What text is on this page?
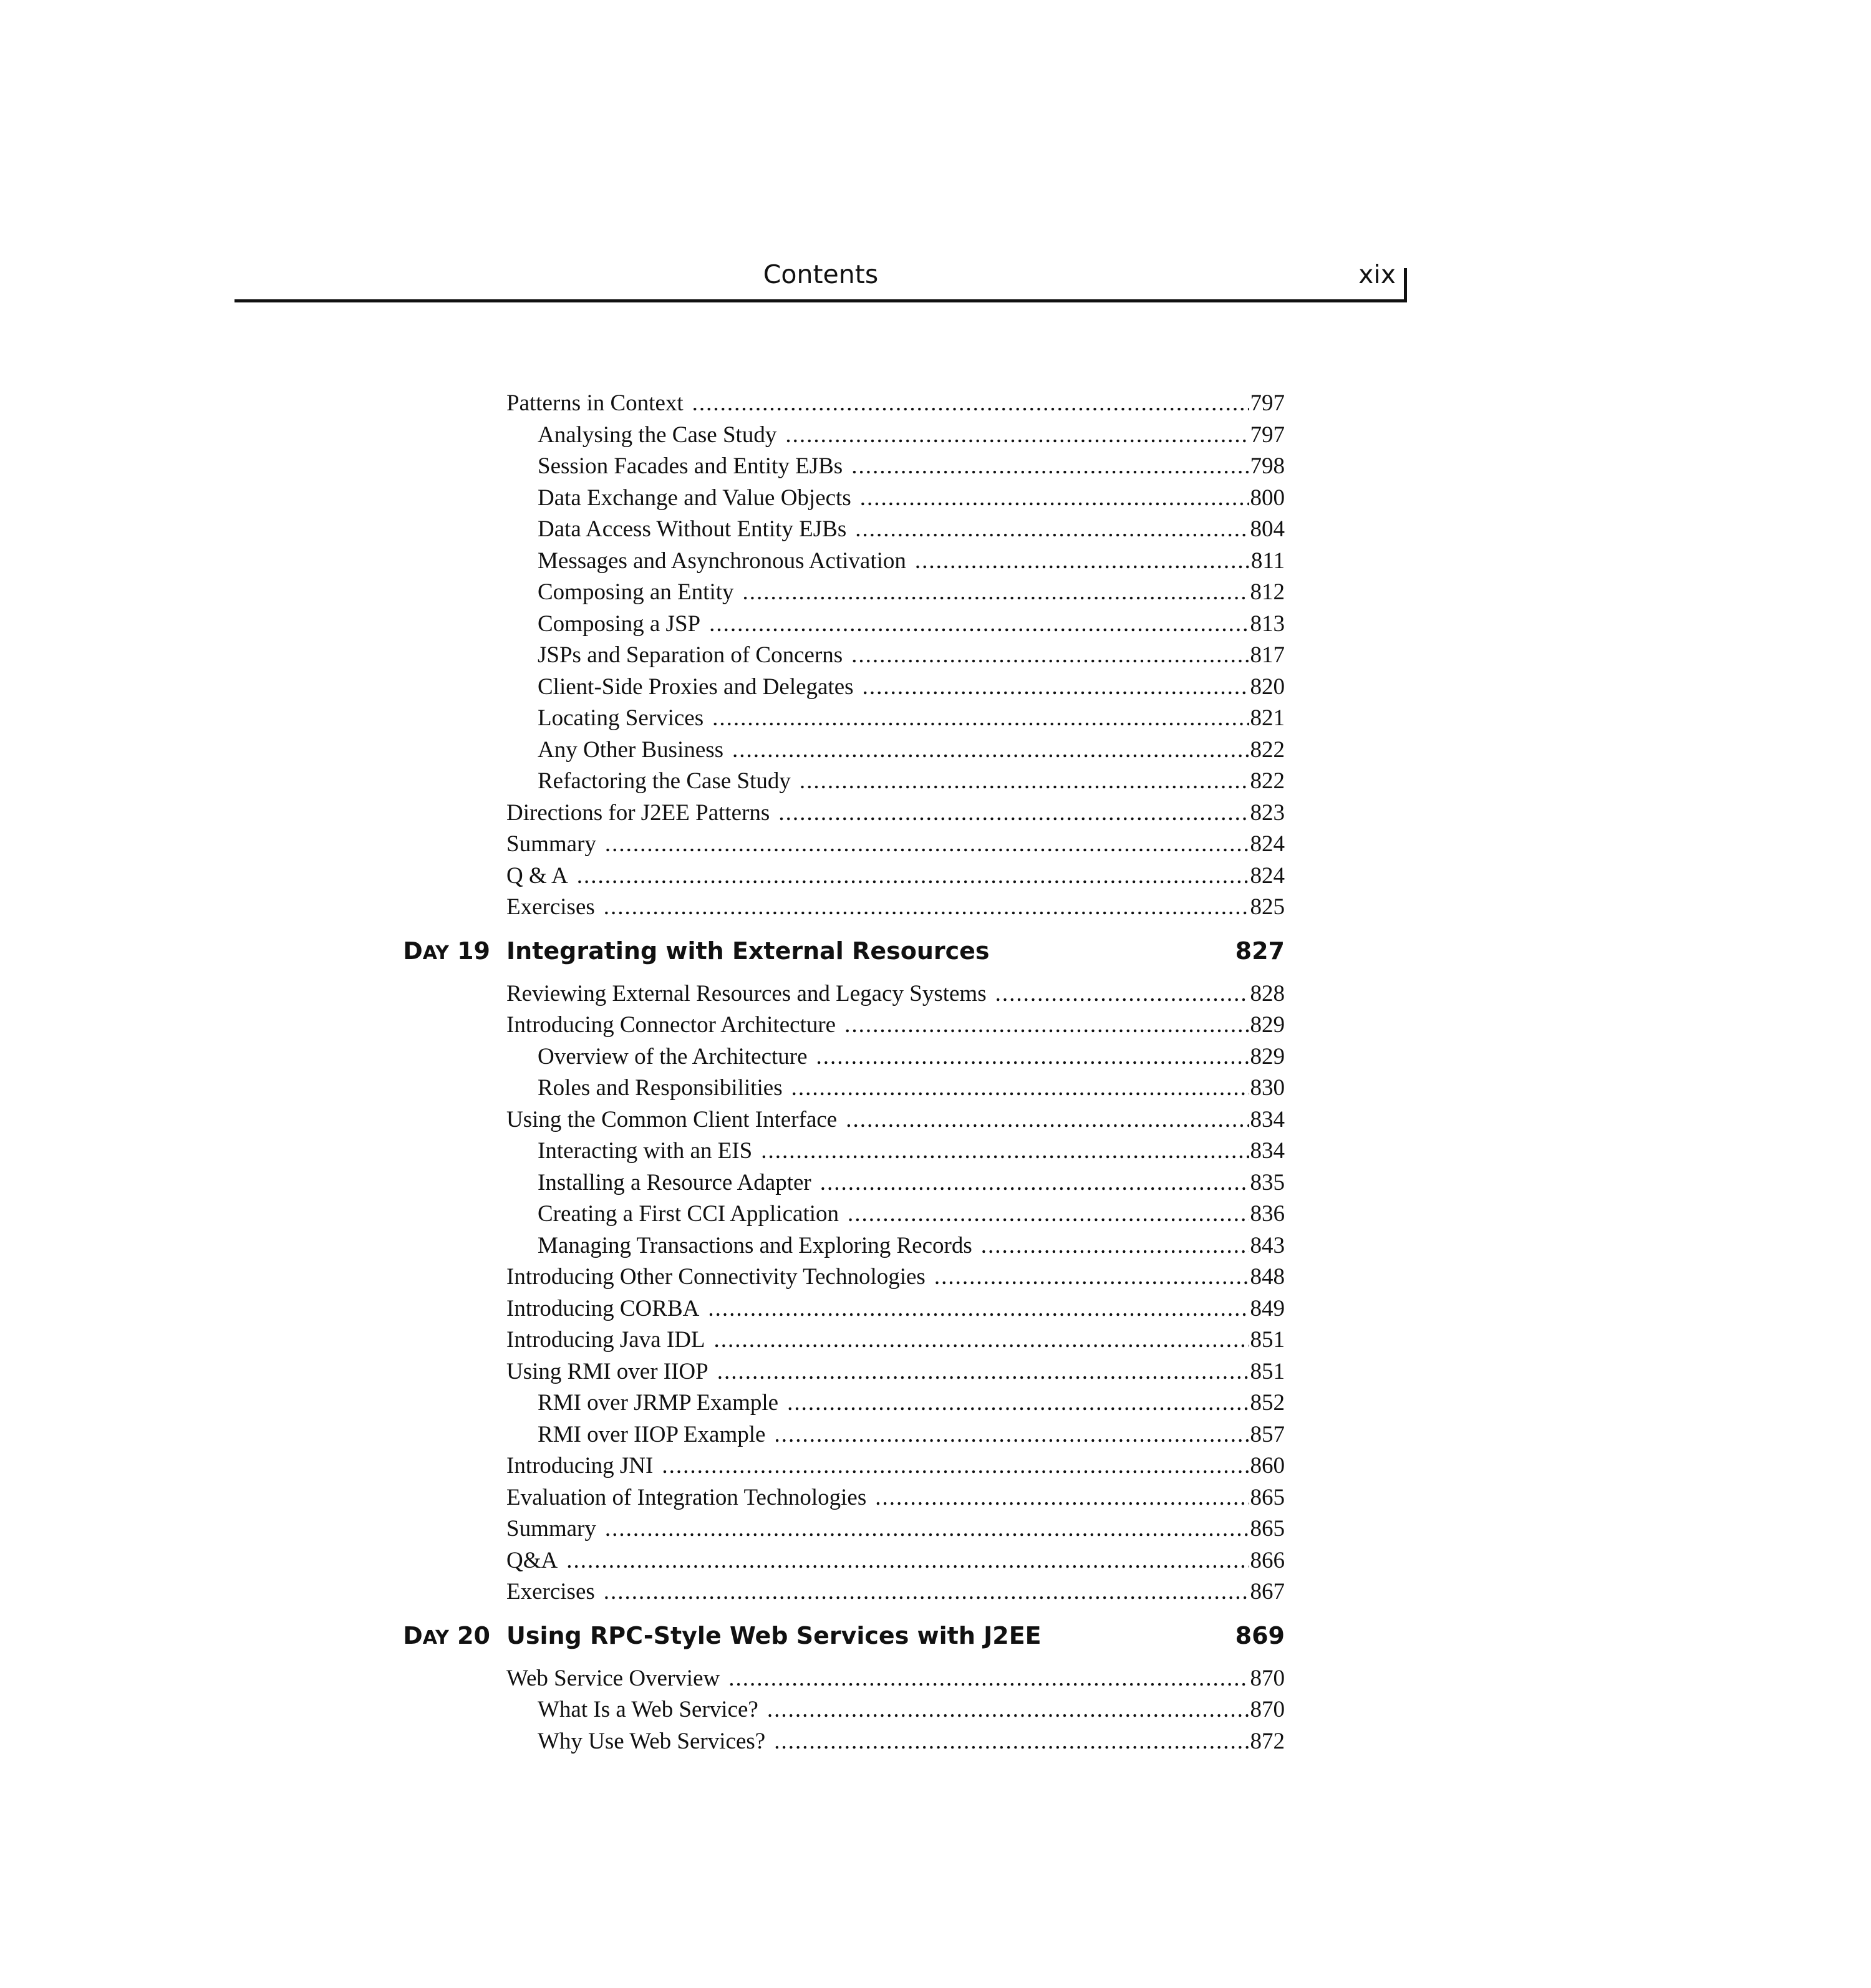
Contents	xix
Patterns in Context .....	797
Analysing the Case Study .....	797
Session Facades and Entity EJBs .....	798
Data Exchange and Value Objects .....	800
Data Access Without Entity EJBs .....	804
Messages and Asynchronous Activation .....	811
Composing an Entity .....	812
Composing a JSP .....	813
JSPs and Separation of Concerns .....	817
Client-Side Proxies and Delegates .....	820
Locating Services .....	821
Any Other Business .....	822
Refactoring the Case Study .....	822
Directions for J2EE Patterns .....	823
Summary .....	824
Q & A .....	824
Exercises .....	825
DAY 19 Integrating with External Resources	827
Reviewing External Resources and Legacy Systems .....	828
Introducing Connector Architecture .....	829
Overview of the Architecture .....	829
Roles and Responsibilities .....	830
Using the Common Client Interface .....	834
Interacting with an EIS .....	834
Installing a Resource Adapter .....	835
Creating a First CCI Application .....	836
Managing Transactions and Exploring Records .....	843
Introducing Other Connectivity Technologies .....	848
Introducing CORBA .....	849
Introducing Java IDL .....	851
Using RMI over IIOP .....	851
RMI over JRMP Example .....	852
RMI over IIOP Example .....	857
Introducing JNI .....	860
Evaluation of Integration Technologies .....	865
Summary .....	865
Q&A .....	866
Exercises .....	867
DAY 20 Using RPC-Style Web Services with J2EE	869
Web Service Overview .....	870
What Is a Web Service? .....	870
Why Use Web Services? .....	872
